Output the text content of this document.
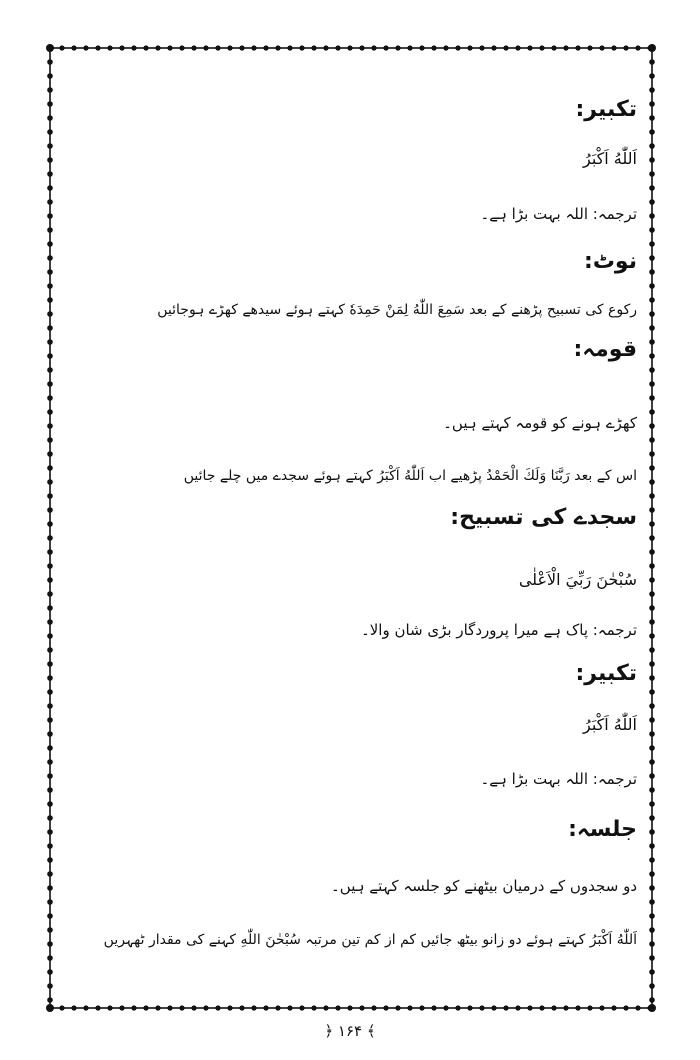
تکبیر:
اَللّٰهُ اَكْبَرُ
ترجمہ: اللہ بہت بڑا ہے۔
نوٹ:
رکوع کی تسبیح پڑھنے کے بعد سَمِعَ اللّٰهُ لِمَنْ حَمِدَهٗ کہتے ہوئے سیدھے کھڑے ہوجائیں
قومہ:
کھڑے ہونے کو قومہ کہتے ہیں۔
اس کے بعد رَبَّنَا وَلَكَ الْحَمْدُ پڑھیے اب اَللّٰهُ اَكْبَرُ کہتے ہوئے سجدے میں چلے جائیں
سجدے کی تسبیح:
سُبْحٰنَ رَبِّيَ الْاَعْلٰى
ترجمہ: پاک ہے میرا پروردگار بڑی شان والا۔
تکبیر:
اَللّٰهُ اَكْبَرُ
ترجمہ: اللہ بہت بڑا ہے۔
جلسہ:
دو سجدوں کے درمیان بیٹھنے کو جلسہ کہتے ہیں۔
اَللّٰهُ اَكْبَرُ کہتے ہوئے دو زانو بیٹھ جائیں کم از کم تین مرتبہ سُبْحٰنَ اللّٰهِ کہنے کی مقدار ٹھہریں
﴾ ۱۶۴ ﴿
